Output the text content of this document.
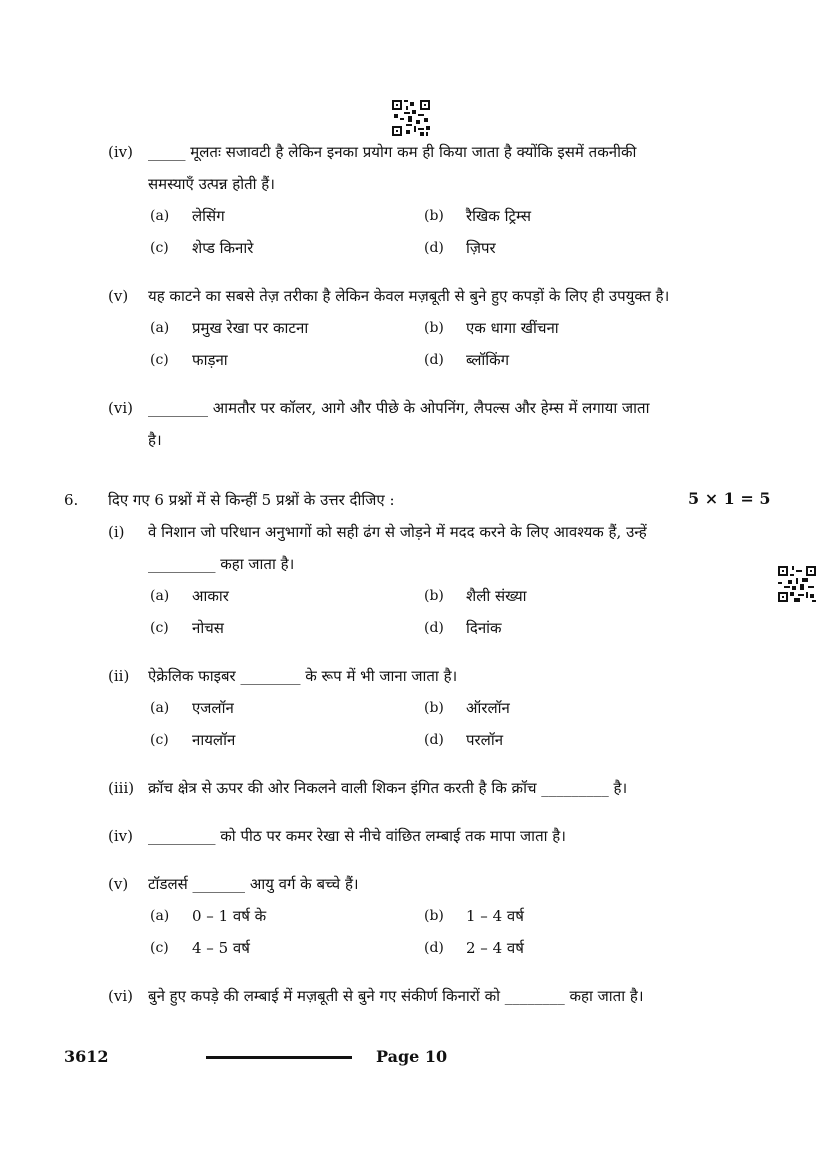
(iv) _____ मूलतः सजावटी है लेकिन इनका प्रयोग कम ही किया जाता है क्योंकि इसमें तकनीकी
समस्याएँ उत्पन्न होती हैं।
(a) लेसिंग	(b) रैखिक ट्रिम्स
(c) शेप्ड किनारे	(d) ज़िपर
(v) यह काटने का सबसे तेज़ तरीका है लेकिन केवल मज़बूती से बुने हुए कपड़ों के लिए ही उपयुक्त है।
(a) प्रमुख रेखा पर काटना	(b) एक धागा खींचना
(c) फाड़ना	(d) ब्लॉकिंग
(vi) ________ आमतौर पर कॉलर, आगे और पीछे के ओपनिंग, लैपल्स और हेम्स में लगाया जाता
है।
6. दिए गए 6 प्रश्नों में से किन्हीं 5 प्रश्नों के उत्तर दीजिए :	5 × 1 = 5
(i) वे निशान जो परिधान अनुभागों को सही ढंग से जोड़ने में मदद करने के लिए आवश्यक हैं, उन्हें
_________ कहा जाता है।
(a) आकार	(b) शैली संख्या
(c) नोचस	(d) दिनांक
(ii) ऐक्रेलिक फाइबर ________ के रूप में भी जाना जाता है।
(a) एजलॉन	(b) ऑरलॉन
(c) नायलॉन	(d) परलॉन
(iii) क्रॉच क्षेत्र से ऊपर की ओर निकलने वाली शिकन इंगित करती है कि क्रॉच _________ है।
(iv) _________ को पीठ पर कमर रेखा से नीचे वांछित लम्बाई तक मापा जाता है।
(v) टॉडलर्स _______ आयु वर्ग के बच्चे हैं।
(a) 0 – 1 वर्ष के	(b) 1 – 4 वर्ष
(c) 4 – 5 वर्ष	(d) 2 – 4 वर्ष
(vi) बुने हुए कपड़े की लम्बाई में मज़बूती से बुने गए संकीर्ण किनारों को ________ कहा जाता है।
3612	Page 10
